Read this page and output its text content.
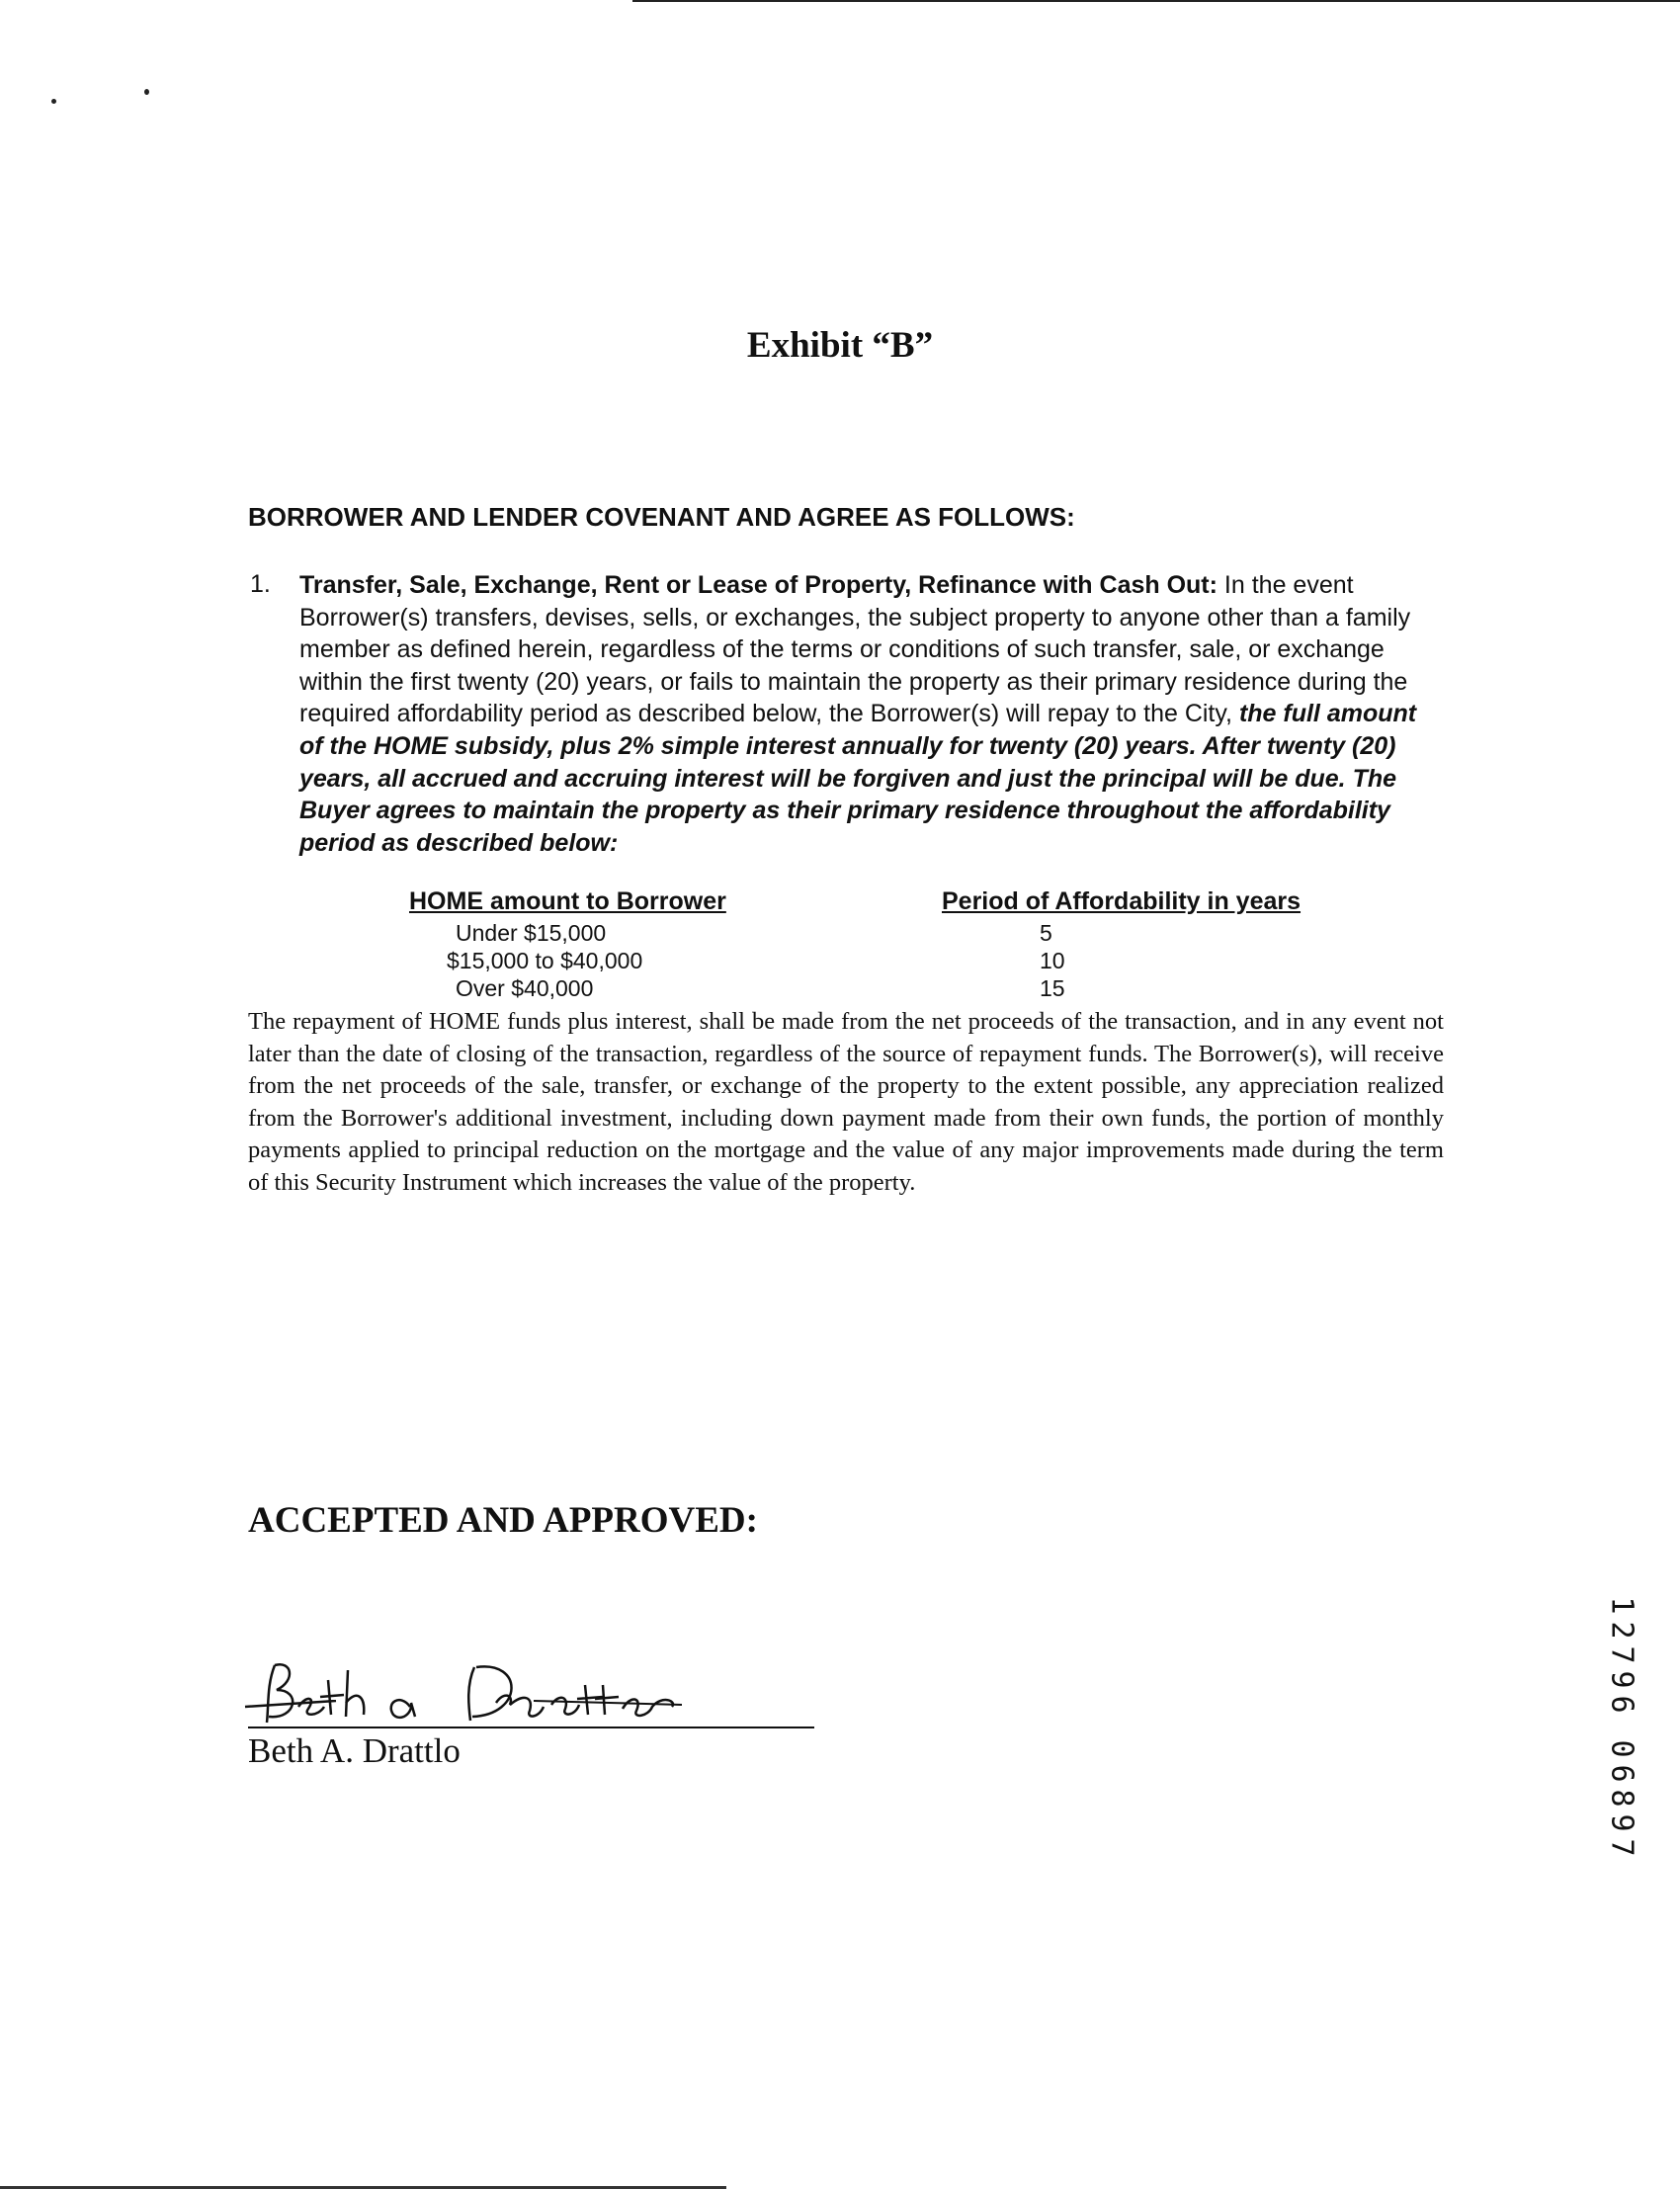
Exhibit “B”
BORROWER AND LENDER COVENANT AND AGREE AS FOLLOWS:
1. Transfer, Sale, Exchange, Rent or Lease of Property, Refinance with Cash Out: In the event Borrower(s) transfers, devises, sells, or exchanges, the subject property to anyone other than a family member as defined herein, regardless of the terms or conditions of such transfer, sale, or exchange within the first twenty (20) years, or fails to maintain the property as their primary residence during the required affordability period as described below, the Borrower(s) will repay to the City, the full amount of the HOME subsidy, plus 2% simple interest annually for twenty (20) years. After twenty (20) years, all accrued and accruing interest will be forgiven and just the principal will be due. The Buyer agrees to maintain the property as their primary residence throughout the affordability period as described below:
HOME amount to Borrower	Period of Affordability in years
Under $15,000	5
$15,000 to $40,000	10
Over $40,000	15
The repayment of HOME funds plus interest, shall be made from the net proceeds of the transaction, and in any event not later than the date of closing of the transaction, regardless of the source of repayment funds. The Borrower(s), will receive from the net proceeds of the sale, transfer, or exchange of the property to the extent possible, any appreciation realized from the Borrower's additional investment, including down payment made from their own funds, the portion of monthly payments applied to principal reduction on the mortgage and the value of any major improvements made during the term of this Security Instrument which increases the value of the property.
ACCEPTED AND APPROVED:
Beth A. Drattlo
1
2
7
9
6
0
6
8
9
7
